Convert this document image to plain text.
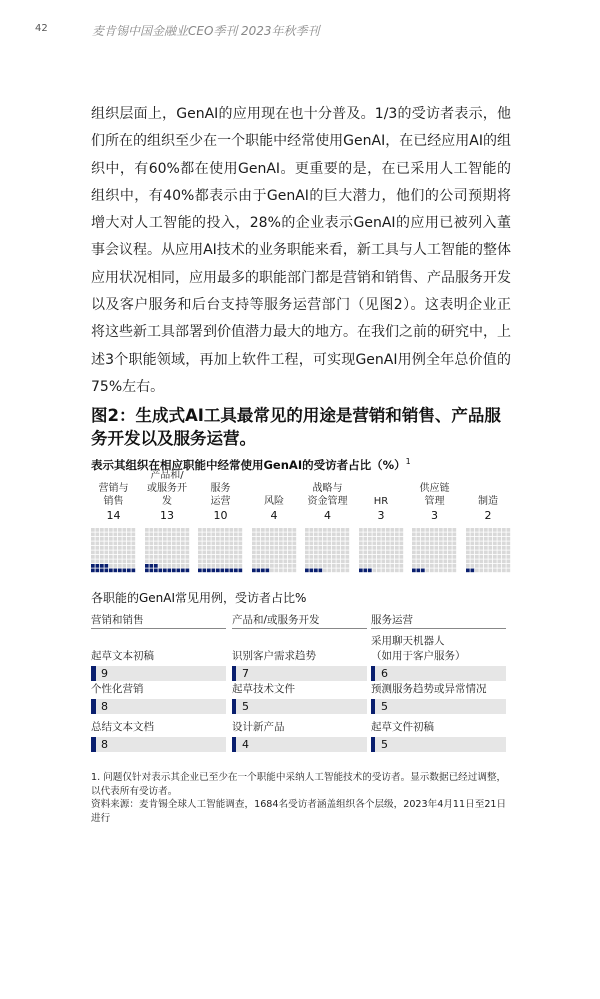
42	麦肯锡中国金融业CEO季刊 2023年秋季刊
组织层面上，GenAI的应用现在也十分普及。1/3的受访者表示，他们所在的组织至少在一个职能中经常使用GenAI，在已经应用AI的组织中，有60%都在使用GenAI。更重要的是，在已采用人工智能的组织中，有40%都表示由于GenAI的巨大潜力，他们的公司预期将增大对人工智能的投入，28%的企业表示GenAI的应用已被列入董事会议程。从应用AI技术的业务职能来看，新工具与人工智能的整体应用状况相同，应用最多的职能部门都是营销和销售、产品服务开发以及客户服务和后台支持等服务运营部门（见图2）。这表明企业正将这些新工具部署到价值潜力最大的地方。在我们之前的研究中，上述3个职能领域，再加上软件工程，可实现GenAI用例全年总价值的75%左右。
图2：生成式AI工具最常见的用途是营销和销售、产品服务开发以及服务运营。
表示其组织在相应职能中经常使用GenAI的受访者占比（%）$^1$
营销与
销售
14
产品和/
或服务开发
13
服务
运营
10
风险
4
战略与
资金管理
4
HR
3
供应链
管理
3
制造
2
各职能的GenAI常见用例，受访者占比%
营销和销售
起草文本初稿
9
个性化营销
8
总结文本文档
8
产品和/或服务开发
识别客户需求趋势
7
起草技术文件
5
设计新产品
4
服务运营
采用聊天机器人
（如用于客户服务）
6
预测服务趋势或异常情况
5
起草文件初稿
5
1. 问题仅针对表示其企业已至少在一个职能中采纳人工智能技术的受访者。显示数据已经过调整，以代表所有受访者。
资料来源：麦肯锡全球人工智能调查，1684名受访者涵盖组织各个层级，2023年4月11日至21日进行
